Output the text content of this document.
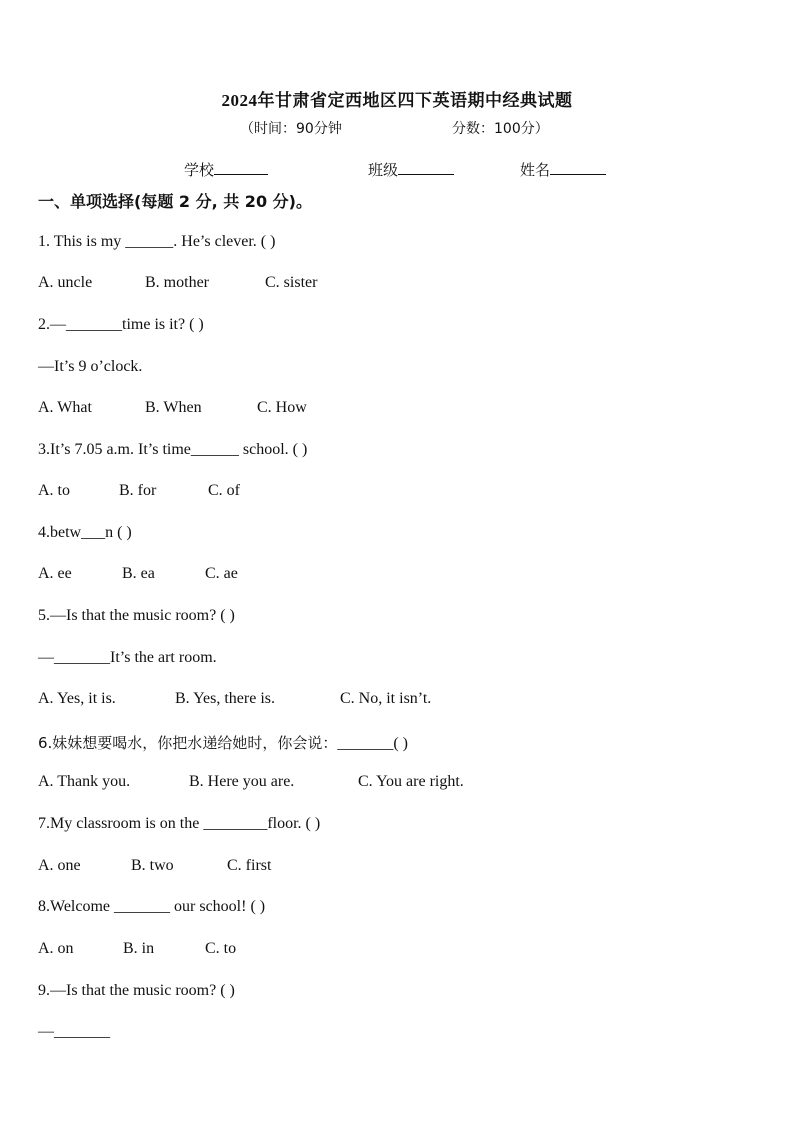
2024年甘肃省定西地区四下英语期中经典试题
（时间：90分钟	分数：100分）
学校	班级	姓名
一、单项选择(每题 2 分, 共 20 分)。
1. This is my ______. He’s clever. ( )
A. uncle	B. mother	C. sister
2.—_______time is it? ( )
—It’s 9 o’clock.
A. What	B. When	C. How
3.It’s 7.05 a.m. It’s time______ school. ( )
A. to	B. for	C. of
4.betw___n ( )
A. ee	B. ea	C. ae
5.—Is that the music room? ( )
—_______It’s the art room.
A. Yes, it is.	B. Yes, there is.	C. No, it isn’t.
6.妹妹想要喝水，你把水递给她时，你会说：_______( )
A. Thank you.	B. Here you are.	C. You are right.
7.My classroom is on the ________floor. ( )
A. one	B. two	C. first
8.Welcome _______ our school! ( )
A. on	B. in	C. to
9.—Is that the music room? ( )
—_______
